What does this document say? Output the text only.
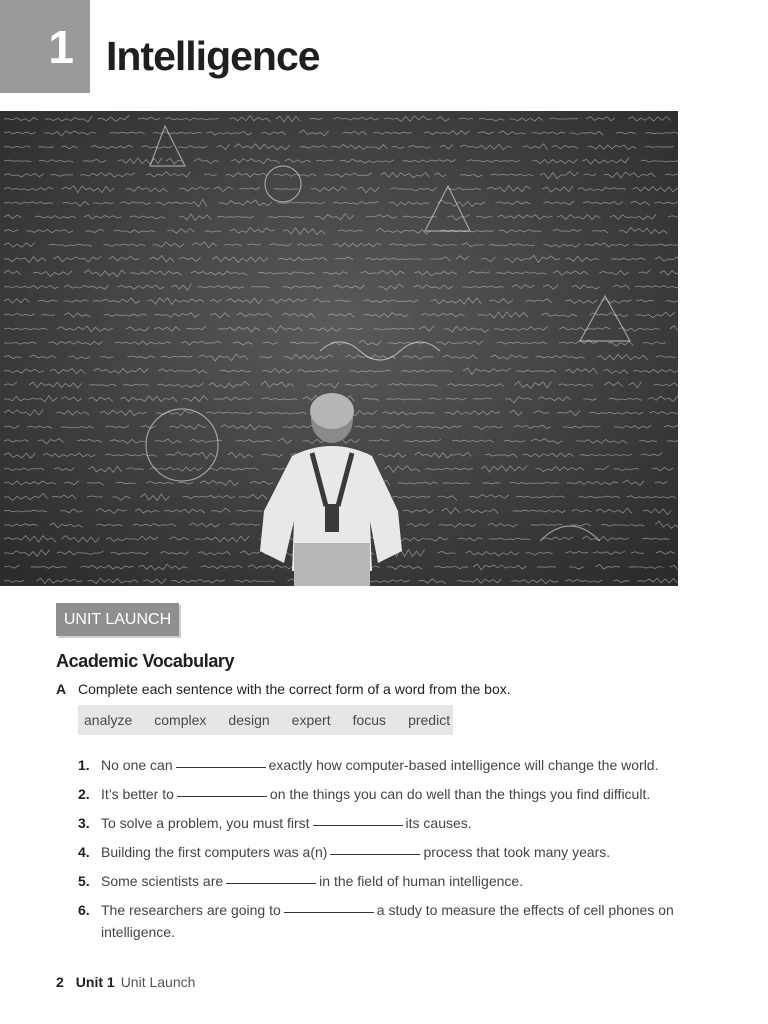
1 Intelligence
UNIT LAUNCH
Academic Vocabulary
A Complete each sentence with the correct form of a word from the box.
analyze complex design expert focus predict
1. No one can	exactly how computer-based intelligence will change the world.
2. It’s better to	on the things you can do well than the things you find difficult.
3. To solve a problem, you must first	its causes.
4. Building the first computers was a(n)	process that took many years.
5. Some scientists are	in the field of human intelligence.
6. The researchers are going to	a study to measure the effects of cell phones on intelligence.
2 Unit 1 Unit Launch
